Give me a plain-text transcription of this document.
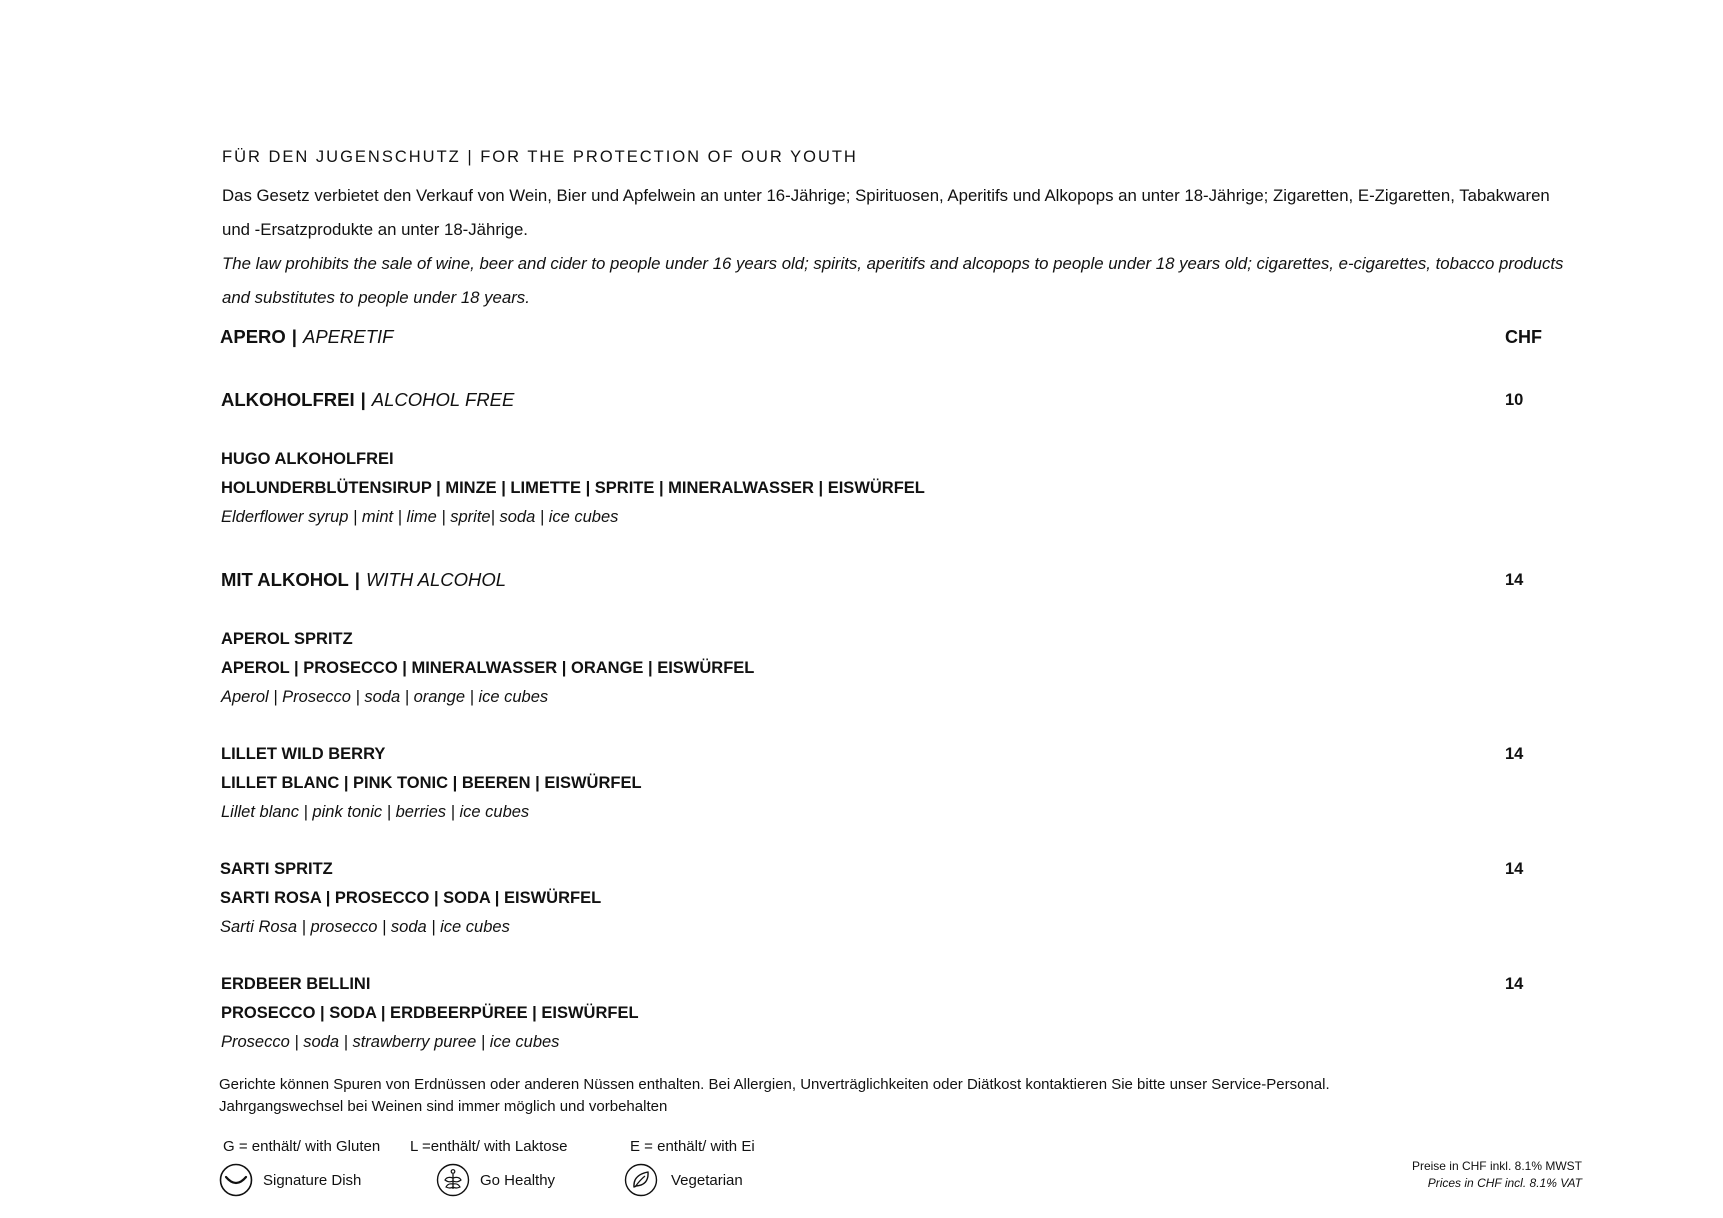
FÜR DEN JUGENSCHUTZ | FOR THE PROTECTION OF OUR YOUTH
Das Gesetz verbietet den Verkauf von Wein, Bier und Apfelwein an unter 16-Jährige; Spirituosen, Aperitifs und Alkopops an unter 18-Jährige; Zigaretten, E-Zigaretten, Tabakwaren und -Ersatzprodukte an unter 18-Jährige.
The law prohibits the sale of wine, beer and cider to people under 16 years old; spirits, aperitifs and alcopops to people under 18 years old; cigarettes, e-cigarettes, tobacco products and substitutes to people under 18 years.
APERO | APERETIF	CHF
ALKOHOLFREI | ALCOHOL FREE	10
HUGO ALKOHOLFREI
HOLUNDERBLÜTENSIRUP | MINZE | LIMETTE | SPRITE | MINERALWASSER | EISWÜRFEL
Elderflower syrup | mint | lime | sprite| soda | ice cubes
MIT ALKOHOL | WITH ALCOHOL	14
APEROL SPRITZ
APEROL | PROSECCO | MINERALWASSER | ORANGE | EISWÜRFEL
Aperol | Prosecco | soda | orange | ice cubes
LILLET WILD BERRY	14
LILLET BLANC | PINK TONIC | BEEREN | EISWÜRFEL
Lillet blanc | pink tonic | berries | ice cubes
SARTI SPRITZ	14
SARTI ROSA | PROSECCO | SODA | EISWÜRFEL
Sarti Rosa | prosecco | soda | ice cubes
ERDBEER BELLINI	14
PROSECCO | SODA | ERDBEERPÜREE | EISWÜRFEL
Prosecco | soda | strawberry puree | ice cubes
Gerichte können Spuren von Erdnüssen oder anderen Nüssen enthalten. Bei Allergien, Unverträglichkeiten oder Diätkost kontaktieren Sie bitte unser Service-Personal.
Jahrgangswechsel bei Weinen sind immer möglich und vorbehalten
G = enthält/ with Gluten L =enthält/ with Laktose	E = enthält/ with Ei
Signature Dish	Go Healthy	Vegetarian
Preise in CHF inkl. 8.1% MWST
Prices in CHF incl. 8.1% VAT
